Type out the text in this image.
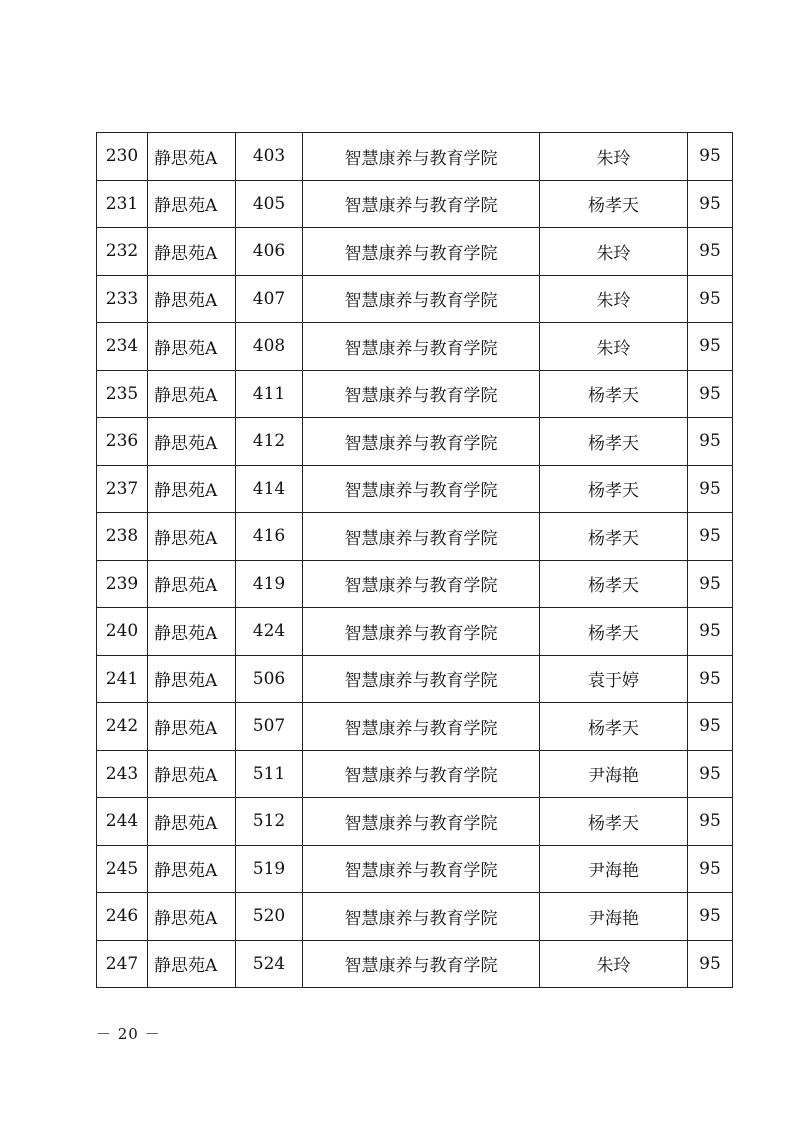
230	静思苑A	403	智慧康养与教育学院	朱玲	95
231	静思苑A	405	智慧康养与教育学院	杨孝天	95
232	静思苑A	406	智慧康养与教育学院	朱玲	95
233	静思苑A	407	智慧康养与教育学院	朱玲	95
234	静思苑A	408	智慧康养与教育学院	朱玲	95
235	静思苑A	411	智慧康养与教育学院	杨孝天	95
236	静思苑A	412	智慧康养与教育学院	杨孝天	95
237	静思苑A	414	智慧康养与教育学院	杨孝天	95
238	静思苑A	416	智慧康养与教育学院	杨孝天	95
239	静思苑A	419	智慧康养与教育学院	杨孝天	95
240	静思苑A	424	智慧康养与教育学院	杨孝天	95
241	静思苑A	506	智慧康养与教育学院	袁于婷	95
242	静思苑A	507	智慧康养与教育学院	杨孝天	95
243	静思苑A	511	智慧康养与教育学院	尹海艳	95
244	静思苑A	512	智慧康养与教育学院	杨孝天	95
245	静思苑A	519	智慧康养与教育学院	尹海艳	95
246	静思苑A	520	智慧康养与教育学院	尹海艳	95
247	静思苑A	524	智慧康养与教育学院	朱玲	95
－ 20 －
